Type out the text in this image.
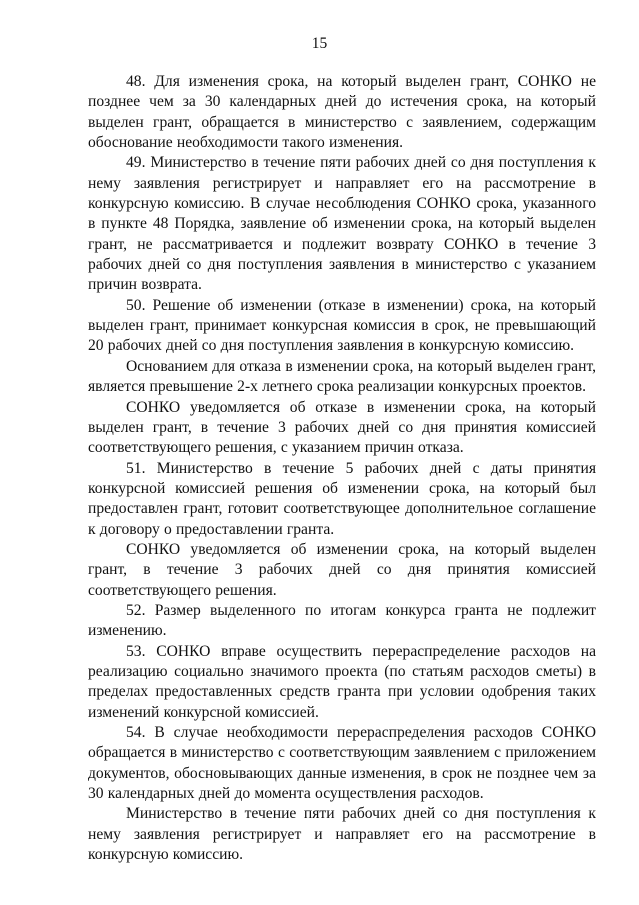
15

48. Для изменения срока, на который выделен грант, СОНКО не позднее чем за 30 календарных дней до истечения срока, на который выделен грант, обращается в министерство с заявлением, содержащим обоснование необходимости такого изменения.

49. Министерство в течение пяти рабочих дней со дня поступления к нему заявления регистрирует и направляет его на рассмотрение в конкурсную комиссию. В случае несоблюдения СОНКО срока, указанного в пункте 48 Порядка, заявление об изменении срока, на который выделен грант, не рассматривается и подлежит возврату СОНКО в течение 3 рабочих дней со дня поступления заявления в министерство с указанием причин возврата.

50. Решение об изменении (отказе в изменении) срока, на который выделен грант, принимает конкурсная комиссия в срок, не превышающий 20 рабочих дней со дня поступления заявления в конкурсную комиссию.

Основанием для отказа в изменении срока, на который выделен грант, является превышение 2-х летнего срока реализации конкурсных проектов.

СОНКО уведомляется об отказе в изменении срока, на который выделен грант, в течение 3 рабочих дней со дня принятия комиссией соответствующего решения, с указанием причин отказа.

51. Министерство в течение 5 рабочих дней с даты принятия конкурсной комиссией решения об изменении срока, на который был предоставлен грант, готовит соответствующее дополнительное соглашение к договору о предоставлении гранта.

СОНКО уведомляется об изменении срока, на который выделен грант, в течение 3 рабочих дней со дня принятия комиссией соответствующего решения.

52. Размер выделенного по итогам конкурса гранта не подлежит изменению.

53. СОНКО вправе осуществить перераспределение расходов на реализацию социально значимого проекта (по статьям расходов сметы) в пределах предоставленных средств гранта при условии одобрения таких изменений конкурсной комиссией.

54. В случае необходимости перераспределения расходов СОНКО обращается в министерство с соответствующим заявлением с приложением документов, обосновывающих данные изменения, в срок не позднее чем за 30 календарных дней до момента осуществления расходов.

Министерство в течение пяти рабочих дней со дня поступления к нему заявления регистрирует и направляет его на рассмотрение в конкурсную комиссию.
